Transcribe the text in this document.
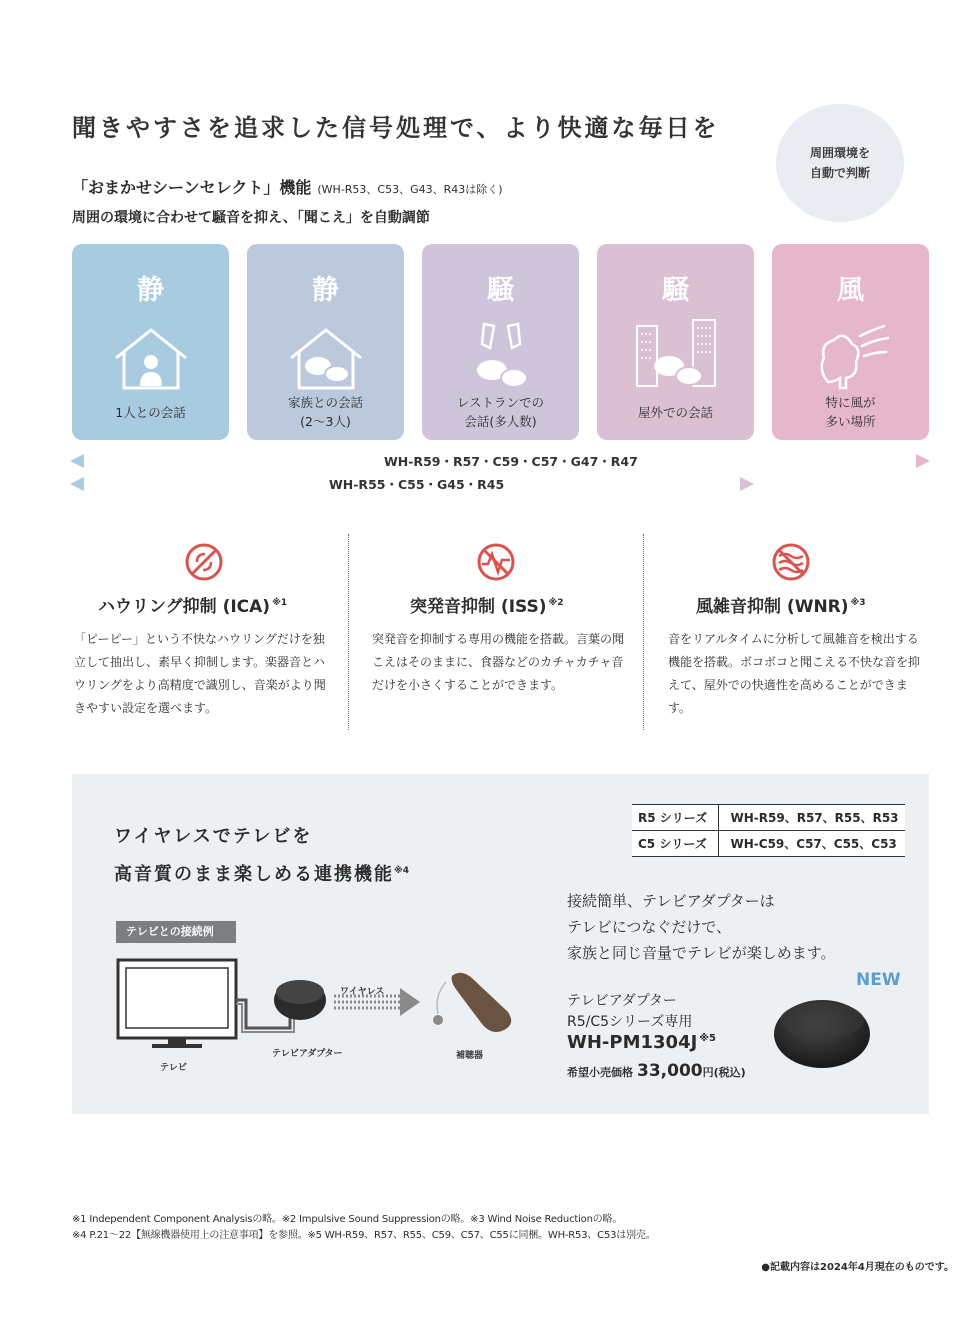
聞きやすさを追求した信号処理で、より快適な毎日を
周囲環境を
自動で判断
「おまかせシーンセレクト」機能 (WH-R53、C53、G43、R43は除く)
周囲の環境に合わせて騒音を抑え、「聞こえ」を自動調節
静
1人との会話
静
家族との会話
(2〜3人)
騒
レストランでの
会話(多人数)
騒
屋外での会話
風
特に風が
多い場所
WH-R59・R57・C59・C57・G47・R47
WH-R55・C55・G45・R45
ハウリング抑制 (ICA) $^{※1}$
「ピーピー」という不快なハウリングだけを独立して抽出し、素早く抑制します。楽器音とハウリングをより高精度で識別し、音楽がより聞きやすい設定を選べます。
突発音抑制 (ISS) $^{※2}$
突発音を抑制する専用の機能を搭載。言葉の聞こえはそのままに、食器などのカチャカチャ音だけを小さくすることができます。
風雑音抑制 (WNR) $^{※3}$
音をリアルタイムに分析して風雑音を検出する機能を搭載。ボコボコと聞こえる不快な音を抑えて、屋外での快適性を高めることができます。
ワイヤレスでテレビを
高音質のまま楽しめる連携機能$^{※4}$
R5 シリーズ	WH-R59、R57、R55、R53
C5 シリーズ	WH-C59、C57、C55、C53
接続簡単、テレビアダプターは
テレビにつなぐだけで、
家族と同じ音量でテレビが楽しめます。
テレビとの接続例
テレビ
テレビアダプター
ワイヤレス
補聴器
NEW
テレビアダプター
R5/C5シリーズ専用
WH-PM1304J $^{※5}$
希望小売価格 33,000円(税込)
※1 Independent Component Analysisの略。※2 Impulsive Sound Suppressionの略。※3 Wind Noise Reductionの略。
※4 P.21〜22【無線機器使用上の注意事項】を参照。※5 WH-R59、R57、R55、C59、C57、C55に同梱。WH-R53、C53は別売。
●記載内容は2024年4月現在のものです。
